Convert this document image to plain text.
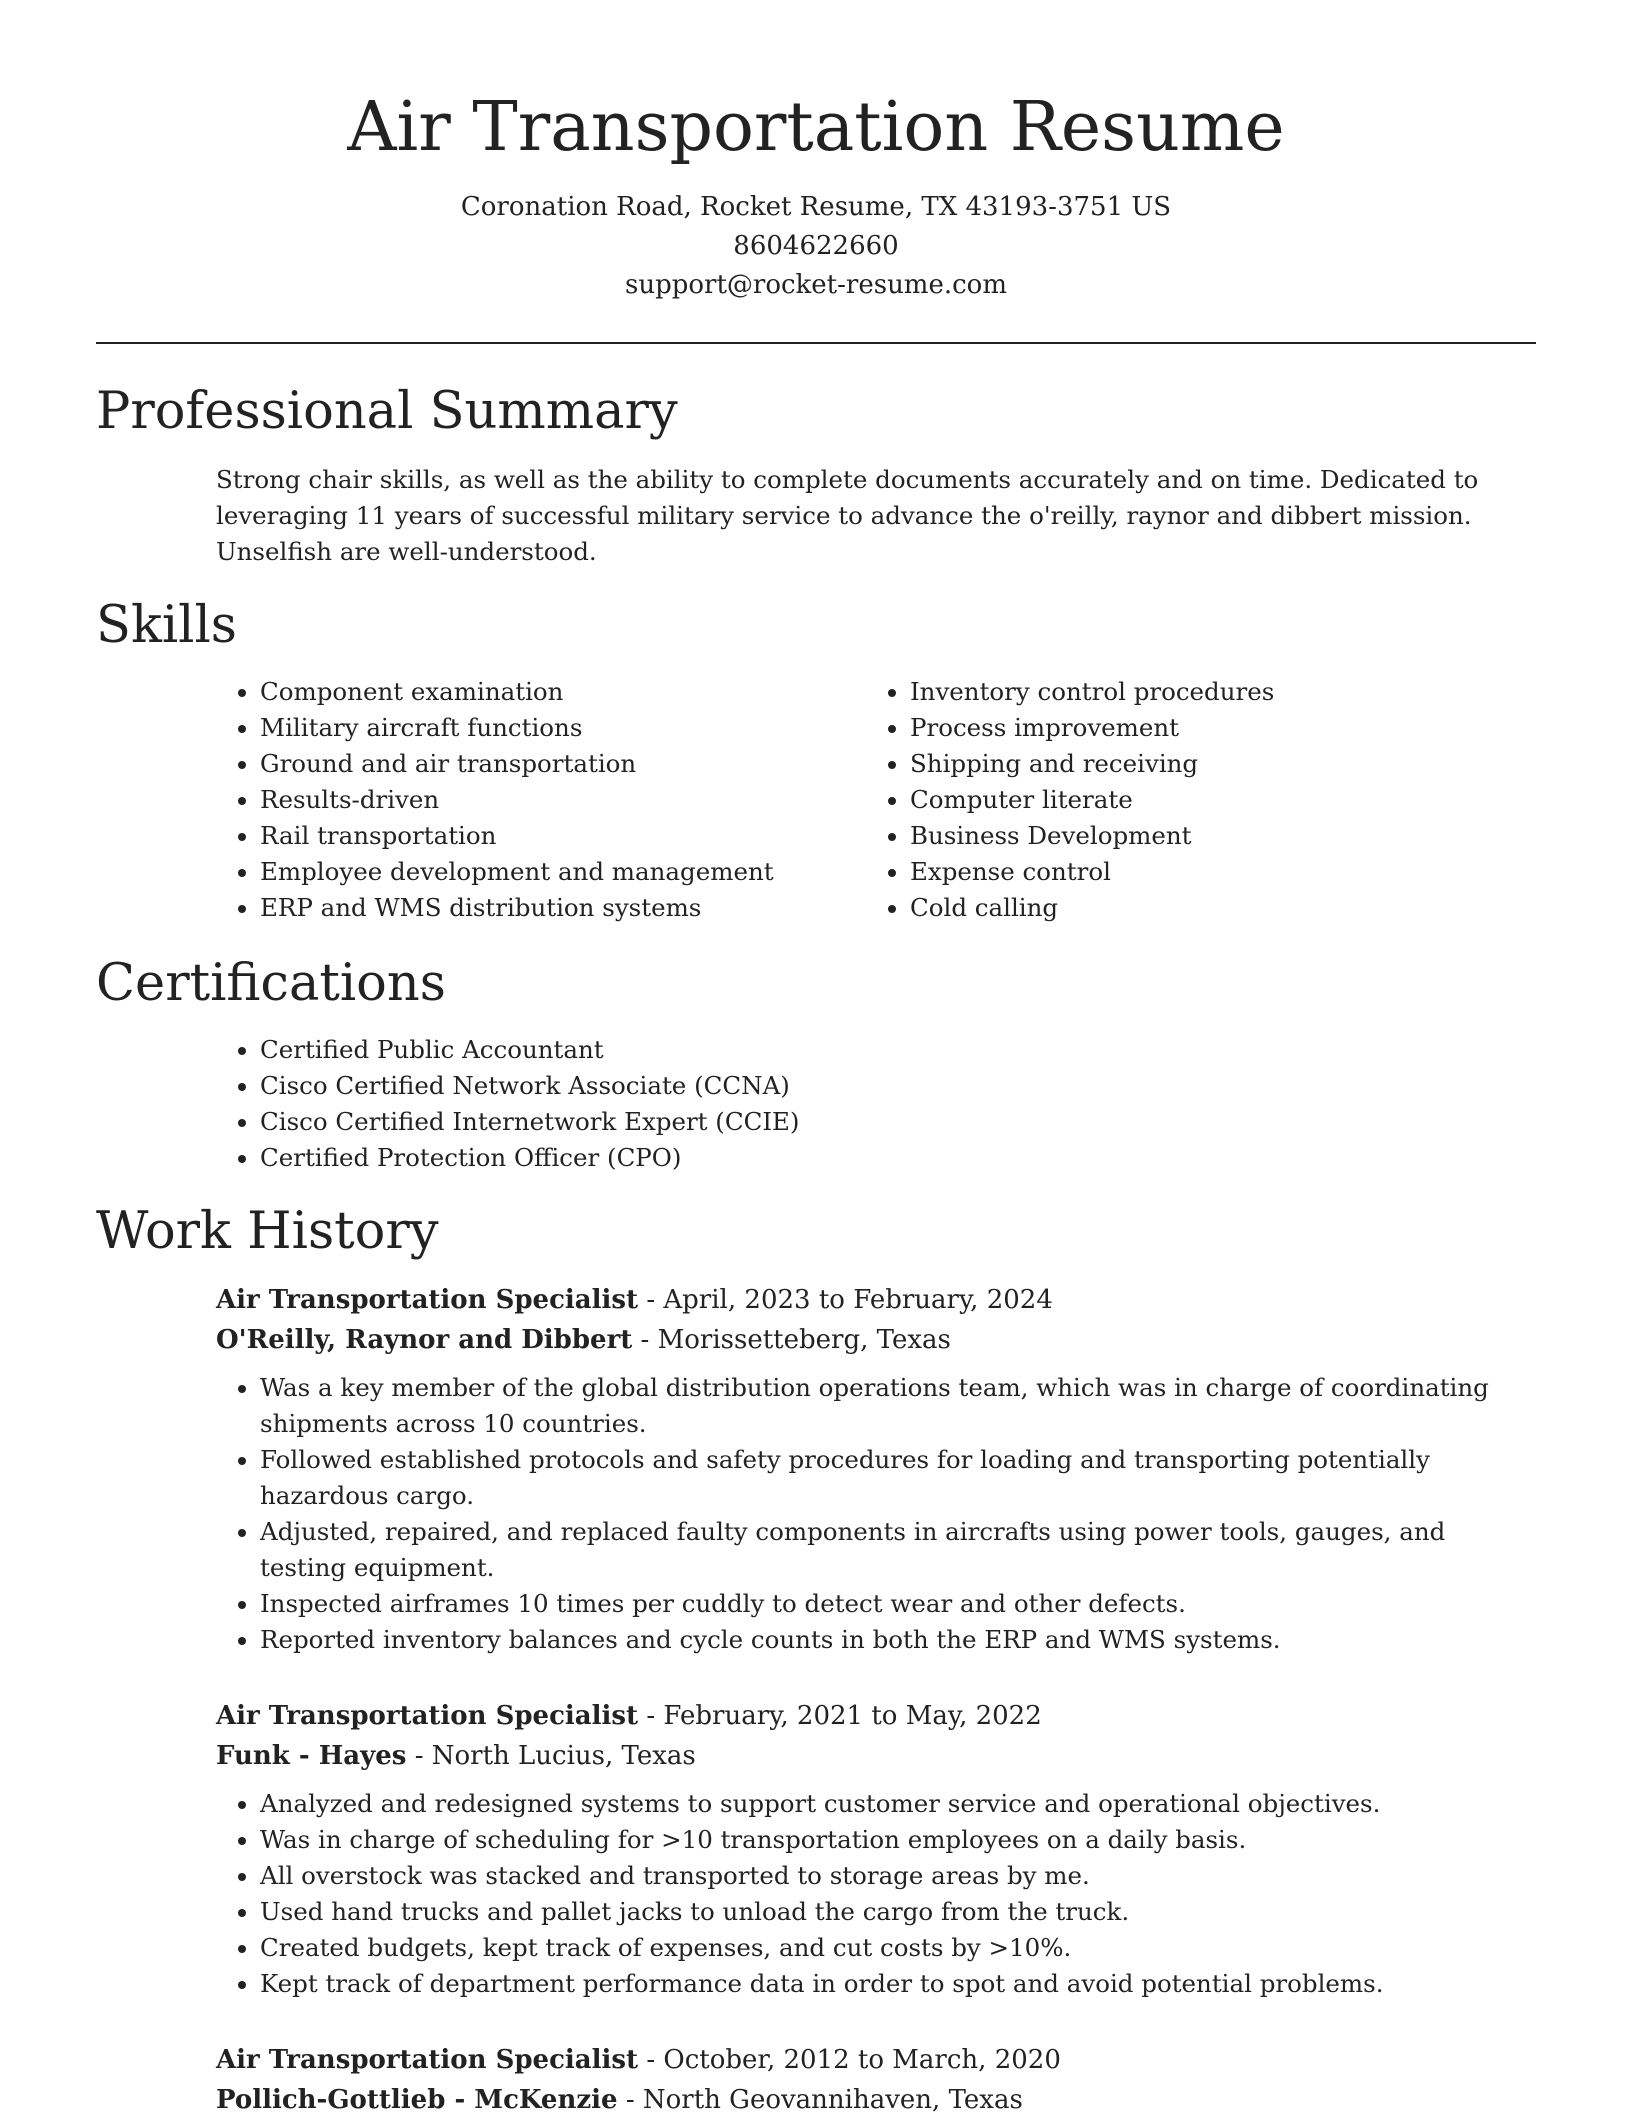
Air Transportation Resume
Coronation Road, Rocket Resume, TX 43193-3751 US
8604622660
support@rocket-resume.com
Professional Summary

Strong chair skills, as well as the ability to complete documents accurately and on time. Dedicated to leveraging 11 years of successful military service to advance the o'reilly, raynor and dibbert mission. Unselfish are well-understood.

Skills
• Component examination
• Military aircraft functions
• Ground and air transportation
• Results-driven
• Rail transportation
• Employee development and management
• ERP and WMS distribution systems
• Inventory control procedures
• Process improvement
• Shipping and receiving
• Computer literate
• Business Development
• Expense control
• Cold calling
Certifications
• Certified Public Accountant
• Cisco Certified Network Associate (CCNA)
• Cisco Certified Internetwork Expert (CCIE)
• Certified Protection Officer (CPO)
Work History
Air Transportation Specialist - April, 2023 to February, 2024
O'Reilly, Raynor and Dibbert - Morissetteberg, Texas
• Was a key member of the global distribution operations team, which was in charge of coordinating shipments across 10 countries.
• Followed established protocols and safety procedures for loading and transporting potentially hazardous cargo.
• Adjusted, repaired, and replaced faulty components in aircrafts using power tools, gauges, and testing equipment.
• Inspected airframes 10 times per cuddly to detect wear and other defects.
• Reported inventory balances and cycle counts in both the ERP and WMS systems.
Air Transportation Specialist - February, 2021 to May, 2022
Funk - Hayes - North Lucius, Texas
• Analyzed and redesigned systems to support customer service and operational objectives.
• Was in charge of scheduling for >10 transportation employees on a daily basis.
• All overstock was stacked and transported to storage areas by me.
• Used hand trucks and pallet jacks to unload the cargo from the truck.
• Created budgets, kept track of expenses, and cut costs by >10%.
• Kept track of department performance data in order to spot and avoid potential problems.
Air Transportation Specialist - October, 2012 to March, 2020
Pollich-Gottlieb - McKenzie - North Geovannihaven, Texas
